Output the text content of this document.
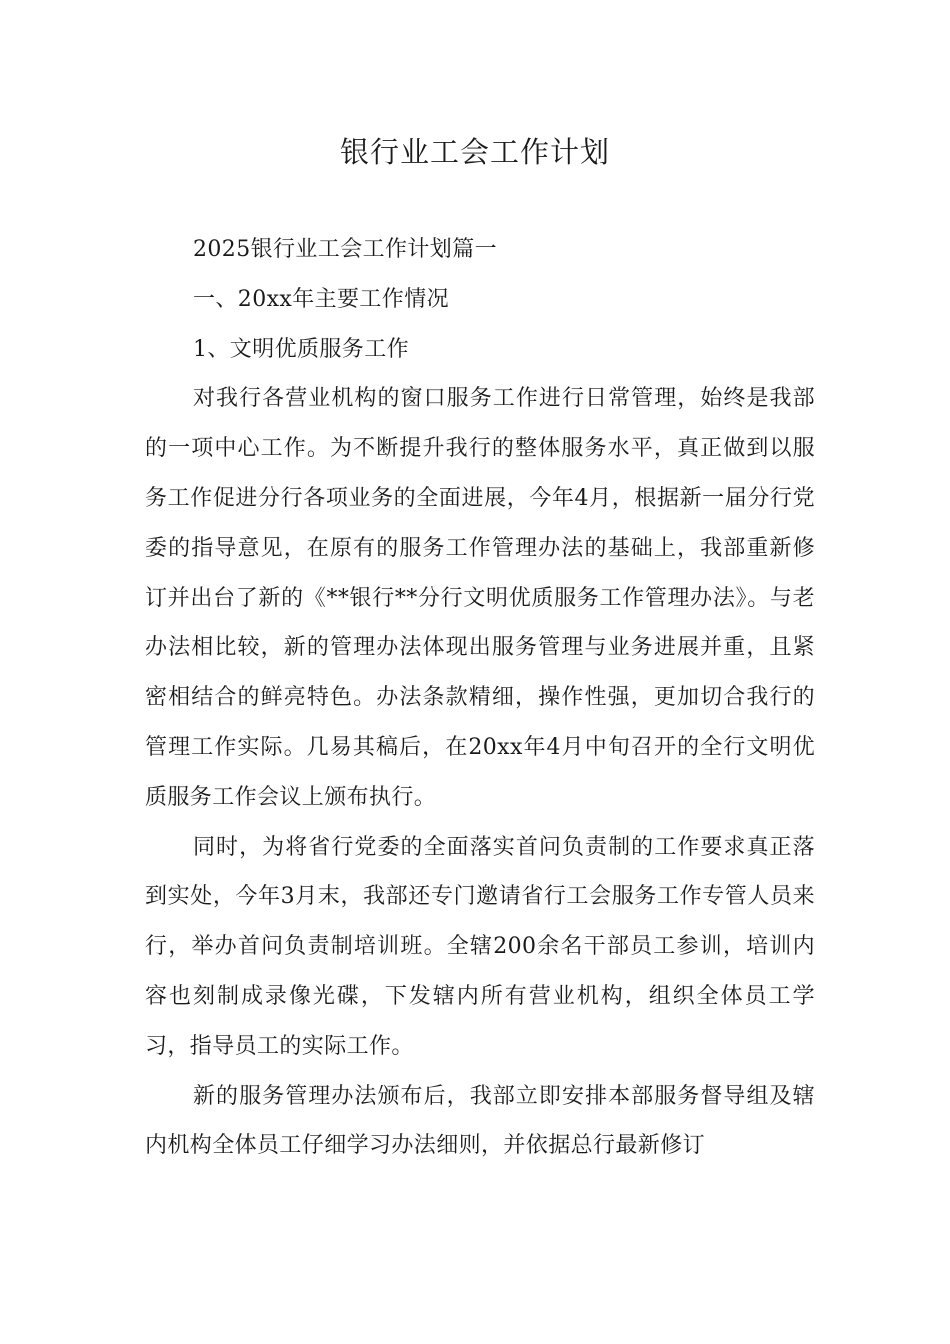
银行业工会工作计划

2025银行业工会工作计划篇一

一、20xx年主要工作情况

1、文明优质服务工作

对我行各营业机构的窗口服务工作进行日常管理，始终是我部的一项中心工作。为不断提升我行的整体服务水平，真正做到以服务工作促进分行各项业务的全面进展，今年4月，根据新一届分行党委的指导意见，在原有的服务工作管理办法的基础上，我部重新修订并出台了新的《**银行**分行文明优质服务工作管理办法》。与老办法相比较，新的管理办法体现出服务管理与业务进展并重，且紧密相结合的鲜亮特色。办法条款精细，操作性强，更加切合我行的管理工作实际。几易其稿后，在20xx年4月中旬召开的全行文明优质服务工作会议上颁布执行。

同时，为将省行党委的全面落实首问负责制的工作要求真正落到实处，今年3月末，我部还专门邀请省行工会服务工作专管人员来行，举办首问负责制培训班。全辖200余名干部员工参训，培训内容也刻制成录像光碟，下发辖内所有营业机构，组织全体员工学习，指导员工的实际工作。

新的服务管理办法颁布后，我部立即安排本部服务督导组及辖内机构全体员工仔细学习办法细则，并依据总行最新修订
